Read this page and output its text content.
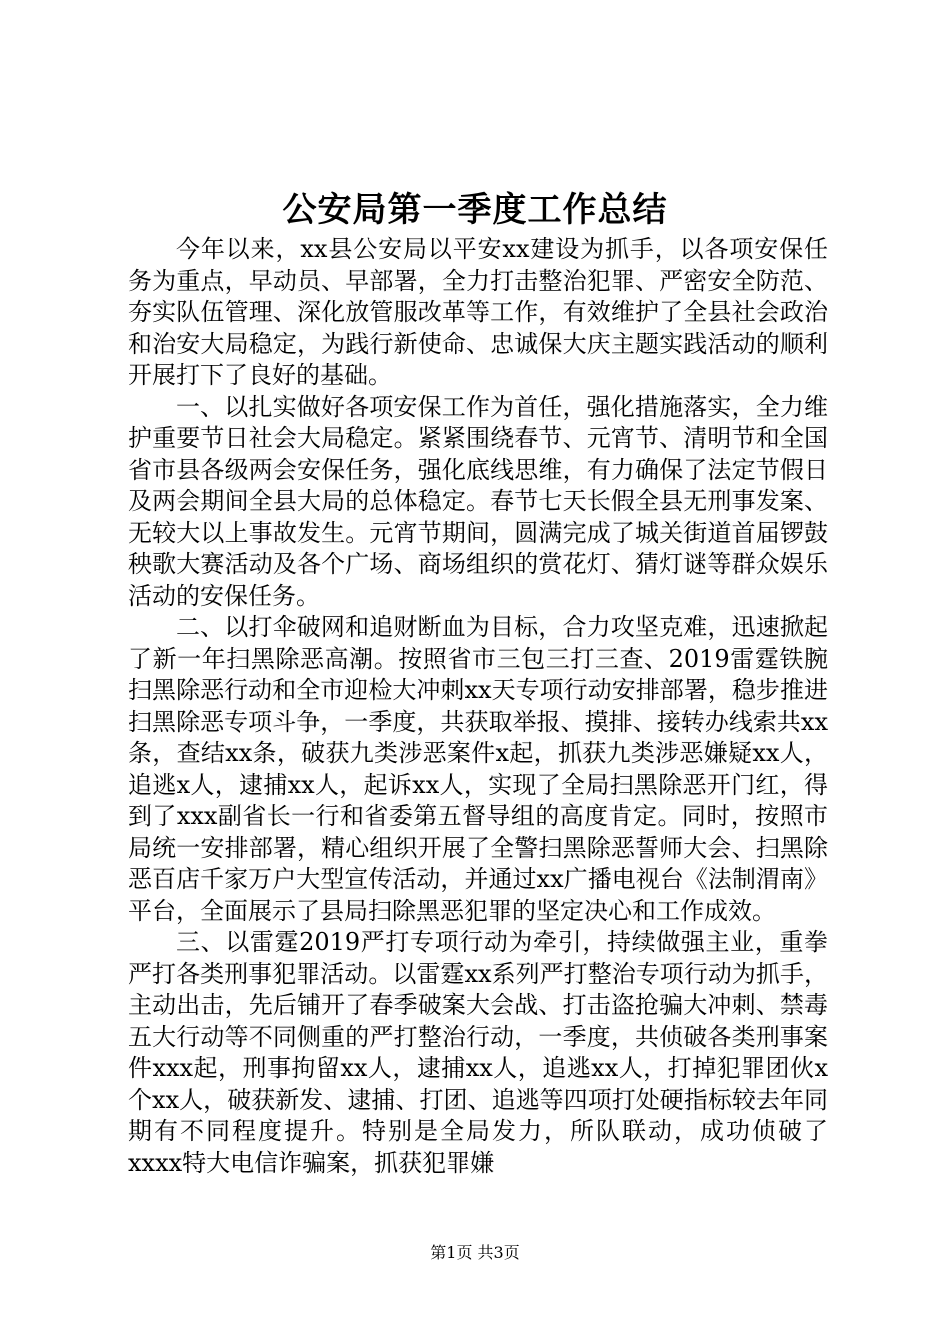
公安局第一季度工作总结

今年以来，xx县公安局以平安xx建设为抓手，以各项安保任务为重点，早动员、早部署，全力打击整治犯罪、严密安全防范、夯实队伍管理、深化放管服改革等工作，有效维护了全县社会政治和治安大局稳定，为践行新使命、忠诚保大庆主题实践活动的顺利开展打下了良好的基础。

一、以扎实做好各项安保工作为首任，强化措施落实，全力维护重要节日社会大局稳定。紧紧围绕春节、元宵节、清明节和全国省市县各级两会安保任务，强化底线思维，有力确保了法定节假日及两会期间全县大局的总体稳定。春节七天长假全县无刑事发案、无较大以上事故发生。元宵节期间，圆满完成了城关街道首届锣鼓秧歌大赛活动及各个广场、商场组织的赏花灯、猜灯谜等群众娱乐活动的安保任务。

二、以打伞破网和追财断血为目标，合力攻坚克难，迅速掀起了新一年扫黑除恶高潮。按照省市三包三打三查、2019雷霆铁腕扫黑除恶行动和全市迎检大冲刺xx天专项行动安排部署，稳步推进扫黑除恶专项斗争，一季度，共获取举报、摸排、接转办线索共xx条，查结xx条，破获九类涉恶案件x起，抓获九类涉恶嫌疑xx人，追逃x人，逮捕xx人，起诉xx人，实现了全局扫黑除恶开门红，得到了xxx副省长一行和省委第五督导组的高度肯定。同时，按照市局统一安排部署，精心组织开展了全警扫黑除恶誓师大会、扫黑除恶百店千家万户大型宣传活动，并通过xx广播电视台《法制渭南》平台，全面展示了县局扫除黑恶犯罪的坚定决心和工作成效。

三、以雷霆2019严打专项行动为牵引，持续做强主业，重拳严打各类刑事犯罪活动。以雷霆xx系列严打整治专项行动为抓手，主动出击，先后铺开了春季破案大会战、打击盗抢骗大冲刺、禁毒五大行动等不同侧重的严打整治行动，一季度，共侦破各类刑事案件xxx起，刑事拘留xx人，逮捕xx人，追逃xx人，打掉犯罪团伙x个xx人，破获新发、逮捕、打团、追逃等四项打处硬指标较去年同期有不同程度提升。特别是全局发力，所队联动，成功侦破了xxxx特大电信诈骗案，抓获犯罪嫌

第1页 共3页
